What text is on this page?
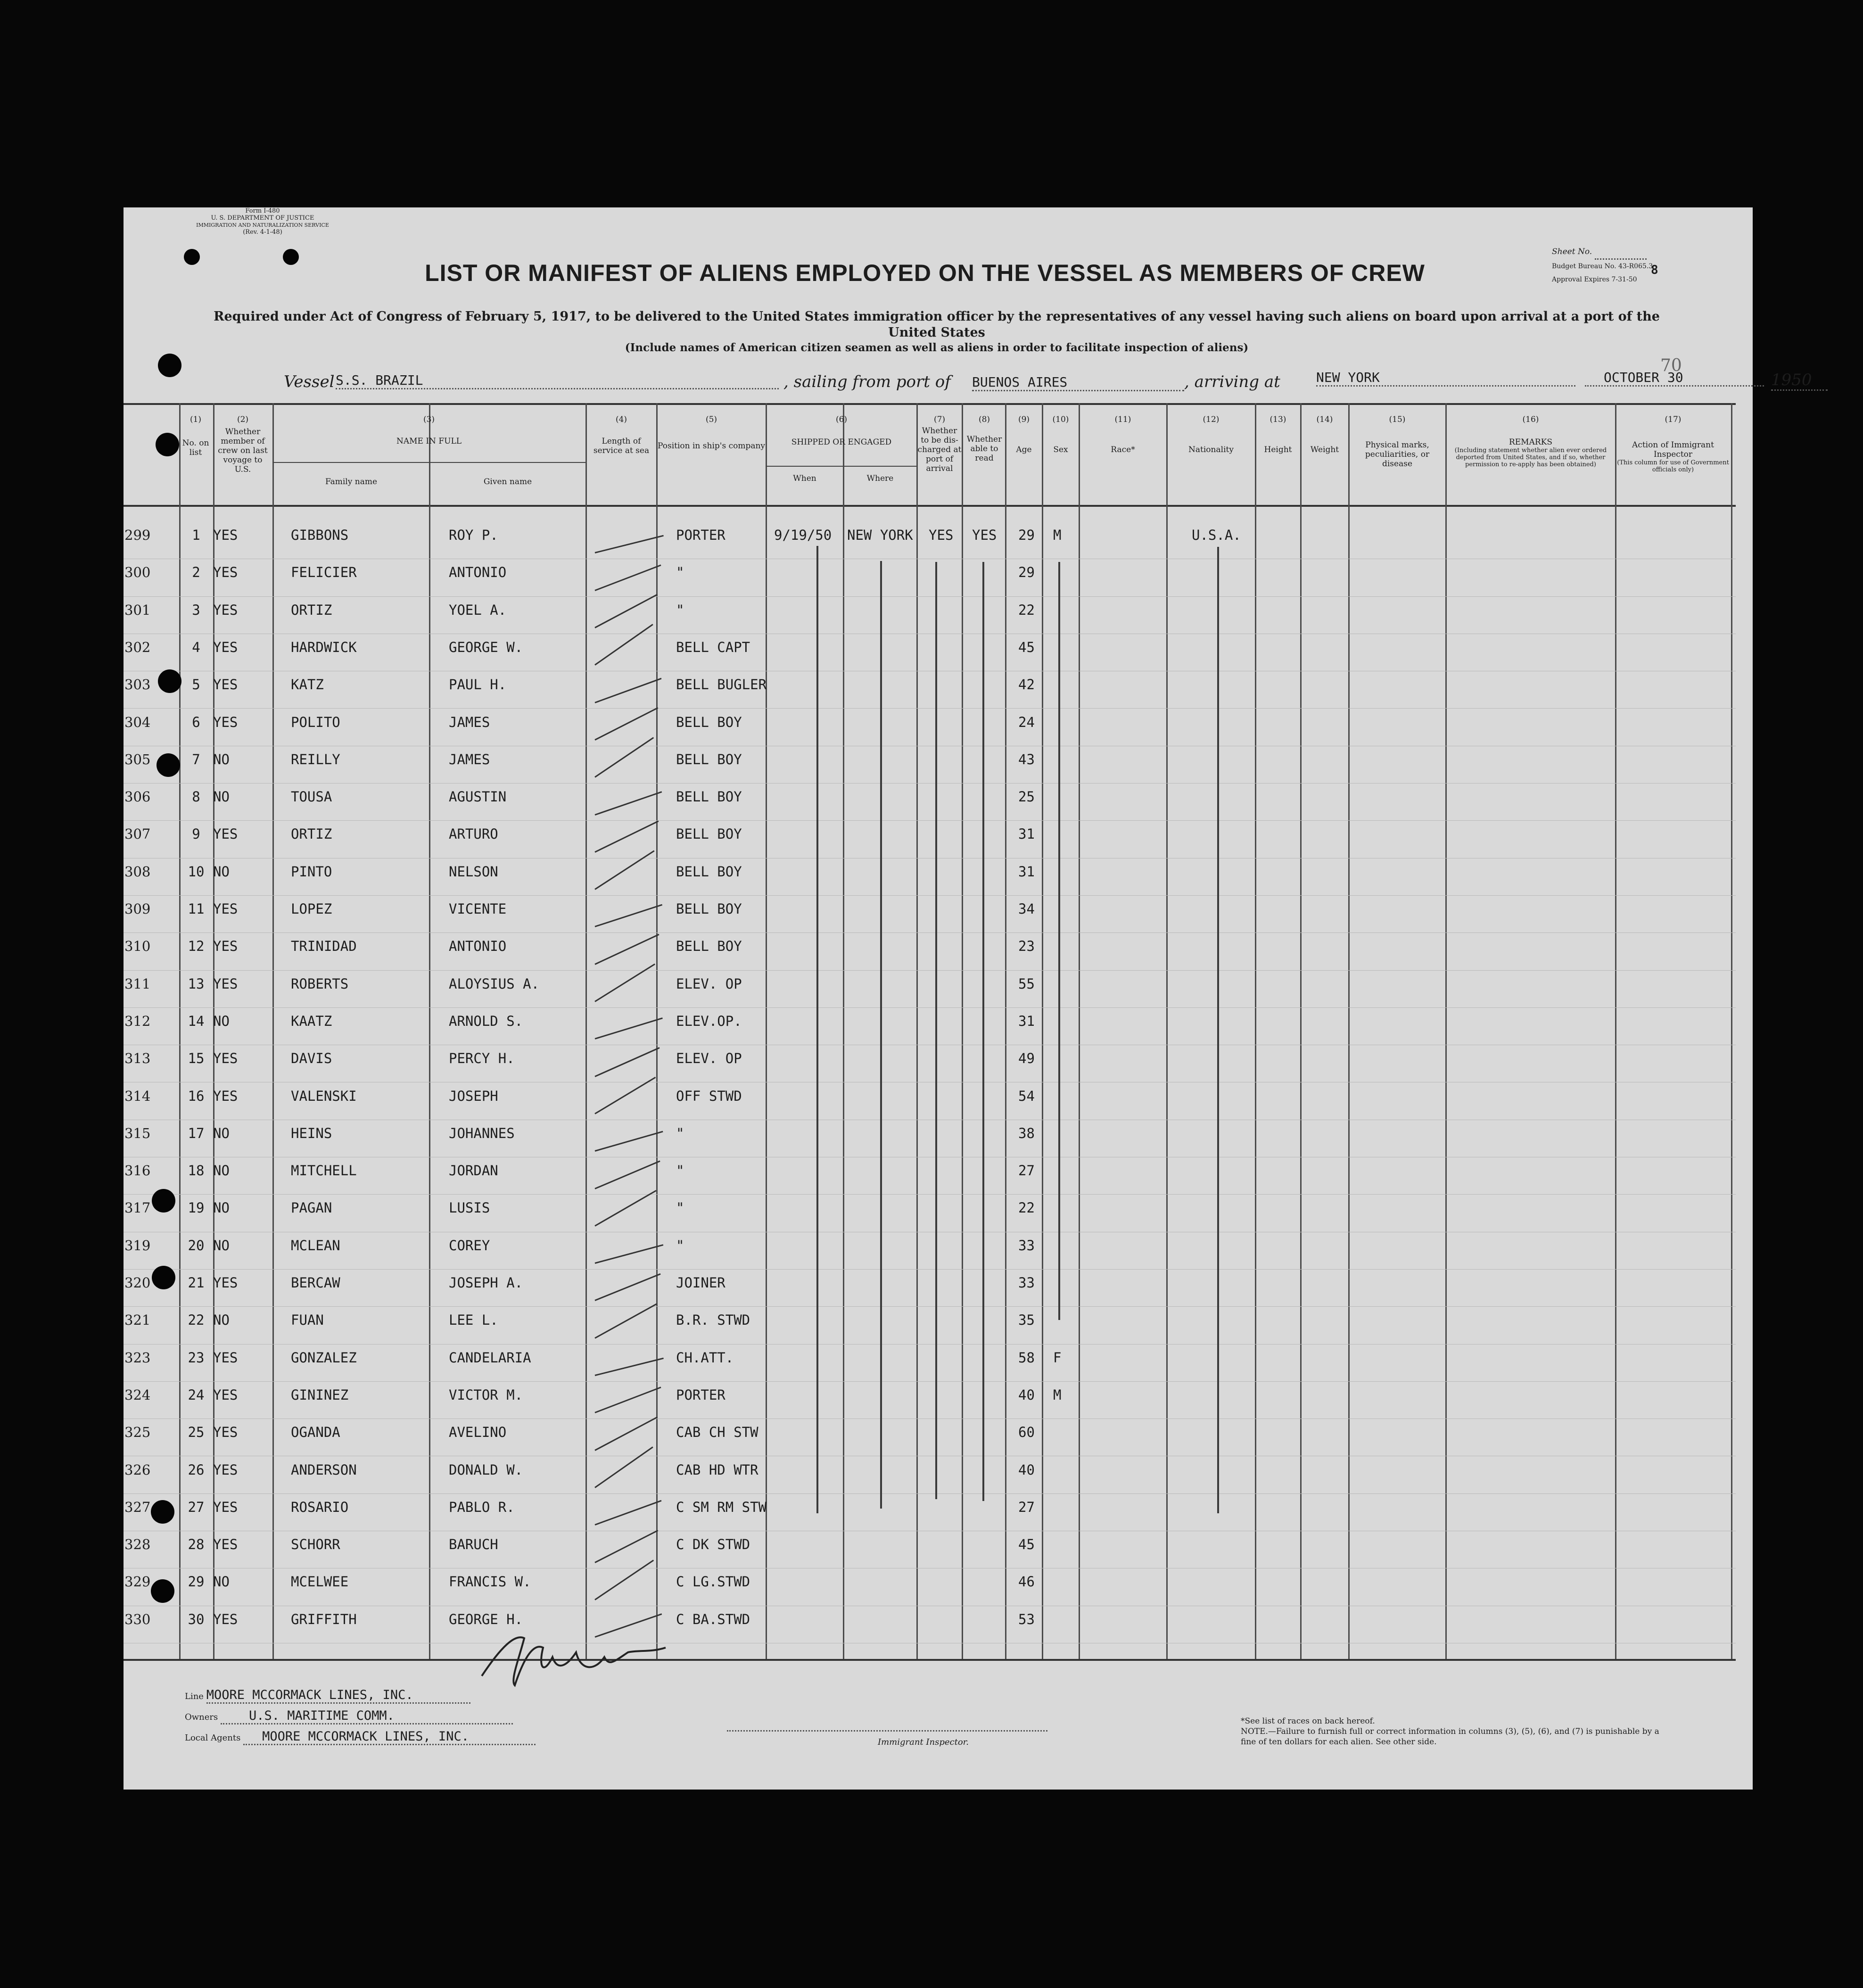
Form I-480
U. S. DEPARTMENT OF JUSTICE
IMMIGRATION AND NATURALIZATION SERVICE
(Rev. 4-1-48)
Sheet No.
Budget Bureau No. 43-R065.3
Approval Expires 7-31-50
8
70
LIST OR MANIFEST OF ALIENS EMPLOYED ON THE VESSEL AS MEMBERS OF CREW
Required under Act of Congress of February 5, 1917, to be delivered to the United States immigration officer by the representatives of any vessel having such aliens on board upon arrival at a port of the United States
(Include names of American citizen seamen as well as aliens in order to facilitate inspection of aliens)
Vessel S.S. BRAZIL	, sailing from port of BUENOS AIRES	, arriving at	NEW YORK	OCTOBER 30	1950
(1)
No. on list
(2)
Whether member of crew on last voyage to U.S.
(3)
NAME IN FULL
Family name	Given name
(4)
Length of service at sea
(5)
Position in ship's company
(6)
SHIPPED OR ENGAGED
When	Where
(7)
Whether to be dis-charged at port of arrival
(8)
Whether able to read
(9)
Age
(10)
Sex
(11)
Race*
(12)
Nationality
(13)
Height
(14)
Weight
(15)
Physical marks, peculiarities, or disease
(16)
REMARKS
(Including statement whether alien ever ordered deported from United States, and if so, whether permission to re-apply has been obtained)
(17)
Action of Immigrant Inspector
(This column for use of Government officials only)
299	1 YES	GIBBONS	ROY P.	PORTER	9/19/50	NEW YORK	YES	YES	29	M	U.S.A.
300	2 YES	FELICIER	ANTONIO	"	29
301	3 YES	ORTIZ	YOEL A.	"	22
302	4 YES	HARDWICK	GEORGE W.	BELL CAPT	45
303	5 YES	KATZ	PAUL H.	BELL BUGLER	42
304	6 YES	POLITO	JAMES	BELL BOY	24
305	7 NO	REILLY	JAMES	BELL BOY	43
306	8 NO	TOUSA	AGUSTIN	BELL BOY	25
307	9 YES	ORTIZ	ARTURO	BELL BOY	31
308	10 NO	PINTO	NELSON	BELL BOY	31
309	11 YES	LOPEZ	VICENTE	BELL BOY	34
310	12 YES	TRINIDAD	ANTONIO	BELL BOY	23
311	13 YES	ROBERTS	ALOYSIUS A.	ELEV. OP	55
312	14 NO	KAATZ	ARNOLD S.	ELEV.OP.	31
313	15 YES	DAVIS	PERCY H.	ELEV. OP	49
314	16 YES	VALENSKI	JOSEPH	OFF STWD	54
315	17 NO	HEINS	JOHANNES	"	38
316	18 NO	MITCHELL	JORDAN	"	27
317	19 NO	PAGAN	LUSIS	"	22
319	20 NO	MCLEAN	COREY	"	33
320	21 YES	BERCAW	JOSEPH A.	JOINER	33
321	22 NO	FUAN	LEE L.	B.R. STWD	35
323	23 YES	GONZALEZ	CANDELARIA	CH.ATT.	58	F
324	24 YES	GININEZ	VICTOR M.	PORTER	40	M
325	25 YES	OGANDA	AVELINO	CAB CH STW	60
326	26 YES	ANDERSON	DONALD W.	CAB HD WTR	40
327	27 YES	ROSARIO	PABLO R.	C SM RM STW	27
328	28 YES	SCHORR	BARUCH	C DK STWD	45
329	29 NO	MCELWEE	FRANCIS W.	C LG.STWD	46
330	30 YES	GRIFFITH	GEORGE H.	C BA.STWD	53
Line MOORE MCCORMACK LINES, INC.
Owners U.S. MARITIME COMM.
Local Agents MOORE MCCORMACK LINES, INC.	Immigrant Inspector.
*See list of races on back hereof.
NOTE.—Failure to furnish full or correct information in columns (3), (5), (6), and (7) is punishable by a fine of ten dollars for each alien. See other side.
